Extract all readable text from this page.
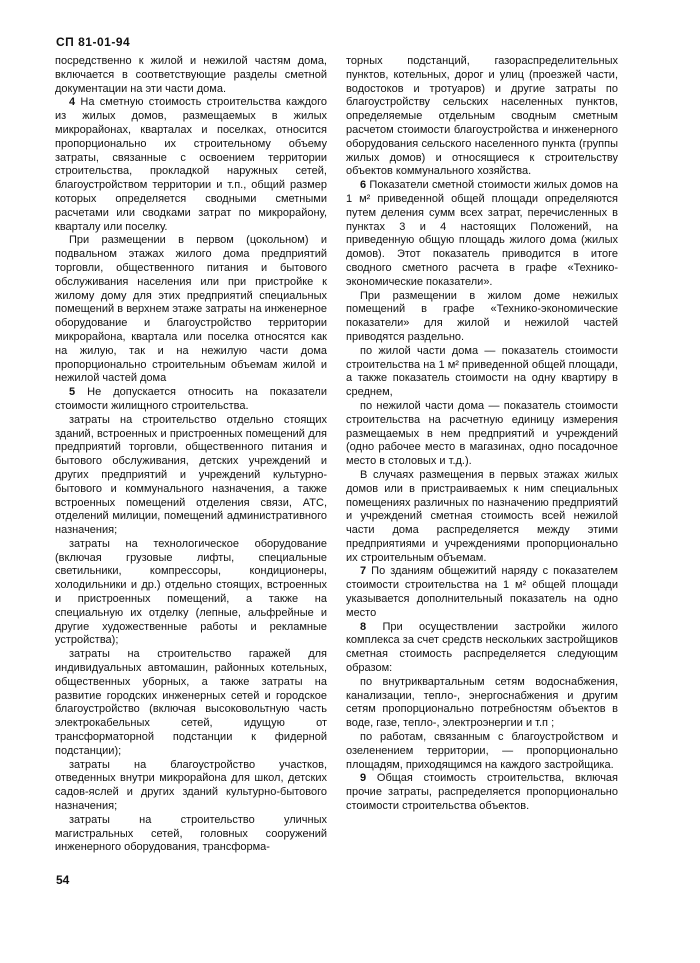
СП 81-01-94

посредственно к жилой и нежилой частям дома, включается в соответствующие разделы сметной документации на эти части дома.

4 На сметную стоимость строительства каждого из жилых домов, размещаемых в жилых микрорайонах, кварталах и поселках, относится пропорционально их строительному объему затраты, связанные с освоением территории строительства, прокладкой наружных сетей, благоустройством территории и т.п., общий размер которых определяется сводными сметными расчетами или сводками затрат по микрорайону, кварталу или поселку.

При размещении в первом (цокольном) и подвальном этажах жилого дома предприятий торговли, общественного питания и бытового обслуживания населения или при пристройке к жилому дому для этих предприятий специальных помещений в верхнем этаже затраты на инженерное оборудование и благоустройство территории микрорайона, квартала или поселка относятся как на жилую, так и на нежилую части дома пропорционально строительным объемам жилой и нежилой частей дома

5 Не допускается относить на показатели стоимости жилищного строительства.

затраты на строительство отдельно стоящих зданий, встроенных и пристроенных помещений для предприятий торговли, общественного питания и бытового обслуживания, детских учреждений и других предприятий и учреждений культурно-бытового и коммунального назначения, а также встроенных помещений отделения связи, АТС, отделений милиции, помещений административного назначения;

затраты на технологическое оборудование (включая грузовые лифты, специальные светильники, компрессоры, кондиционеры, холодильники и др.) отдельно стоящих, встроенных и пристроенных помещений, а также на специальную их отделку (лепные, альфрейные и другие художественные работы и рекламные устройства);

затраты на строительство гаражей для индивидуальных автомашин, районных котельных, общественных уборных, а также затраты на развитие городских инженерных сетей и городское благоустройство (включая высоковольтную часть электрокабельных сетей, идущую от трансформаторной подстанции к фидерной подстанции);

затраты на благоустройство участков, отведенных внутри микрорайона для школ, детских садов-яслей и других зданий культурно-бытового назначения;

затраты на строительство уличных магистральных сетей, головных сооружений инженерного оборудования, трансформа-

торных подстанций, газораспределительных пунктов, котельных, дорог и улиц (проезжей части, водостоков и тротуаров) и другие затраты по благоустройству сельских населенных пунктов, определяемые отдельным сводным сметным расчетом стоимости благоустройства и инженерного оборудования сельского населенного пункта (группы жилых домов) и относящиеся к строительству объектов коммунального хозяйства.

6 Показатели сметной стоимости жилых домов на 1 м² приведенной общей площади определяются путем деления сумм всех затрат, перечисленных в пунктах 3 и 4 настоящих Положений, на приведенную общую площадь жилого дома (жилых домов). Этот показатель приводится в итоге сводного сметного расчета в графе «Технико-экономические показатели».

При размещении в жилом доме нежилых помещений в графе «Технико-экономические показатели» для жилой и нежилой частей приводятся раздельно.

по жилой части дома — показатель стоимости строительства на 1 м² приведенной общей площади, а также показатель стоимости на одну квартиру в среднем,

по нежилой части дома — показатель стоимости строительства на расчетную единицу измерения размещаемых в нем предприятий и учреждений (одно рабочее место в магазинах, одно посадочное место в столовых и т.д.).

В случаях размещения в первых этажах жилых домов или в пристраиваемых к ним специальных помещениях различных по назначению предприятий и учреждений сметная стоимость всей нежилой части дома распределяется между этими предприятиями и учреждениями пропорционально их строительным объемам.

7 По зданиям общежитий наряду с показателем стоимости строительства на 1 м² общей площади указывается дополнительный показатель на одно место

8 При осуществлении застройки жилого комплекса за счет средств нескольких застройщиков сметная стоимость распределяется следующим образом:

по внутриквартальным сетям водоснабжения, канализации, тепло-, энергоснабжения и другим сетям пропорционально потребностям объектов в воде, газе, тепло-, электроэнергии и т.п ;

по работам, связанным с благоустройством и озеленением территории, — пропорционально площадям, приходящимся на каждого застройщика.

9 Общая стоимость строительства, включая прочие затраты, распределяется пропорционально стоимости строительства объектов.

54
